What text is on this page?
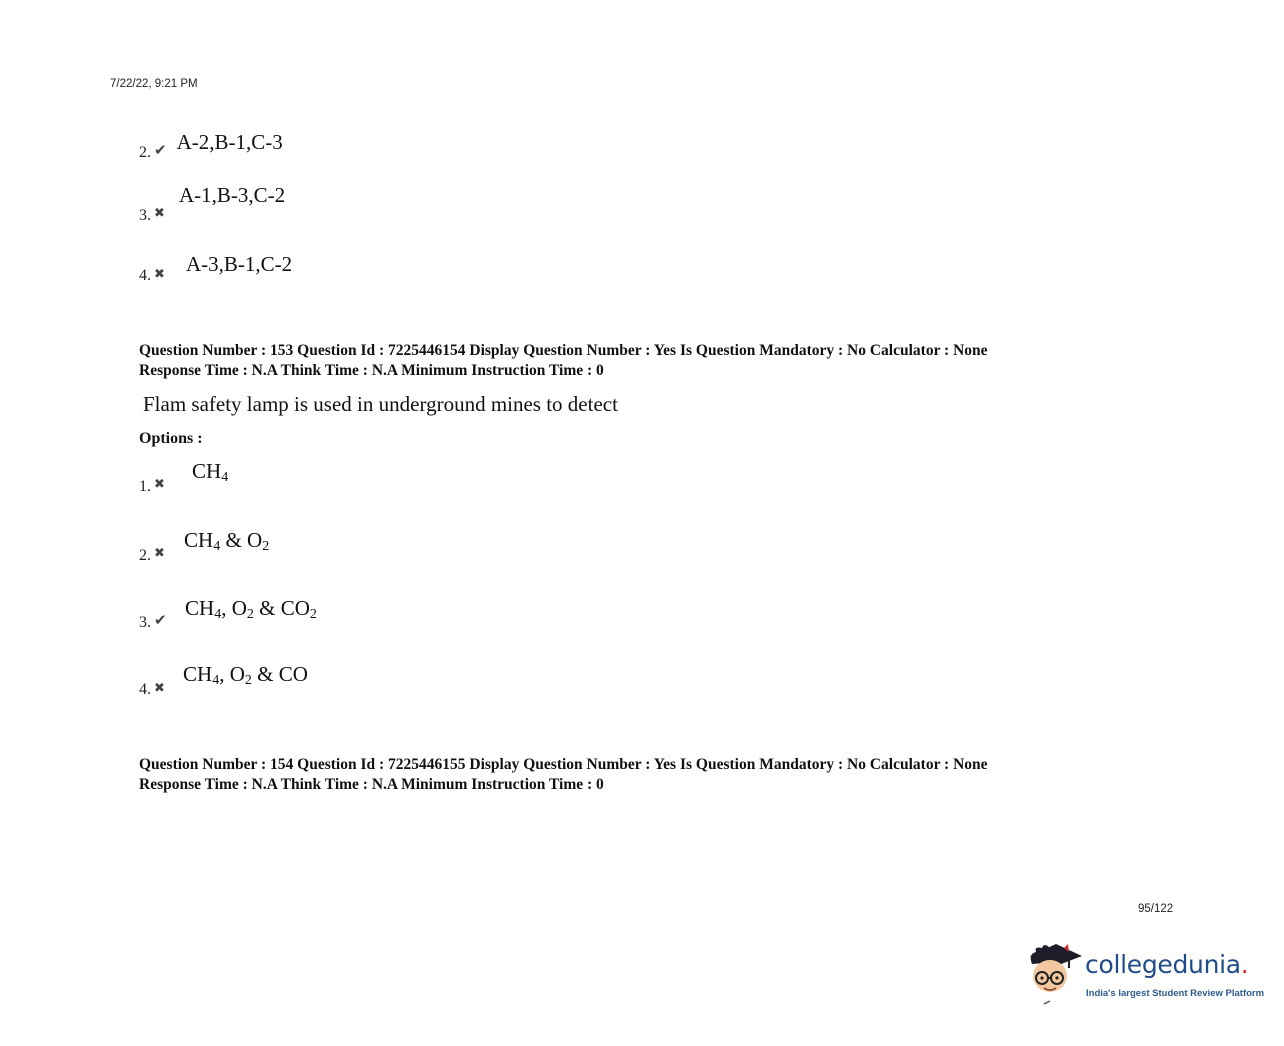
7/22/22, 9:21 PM
2. ✔ A-2,B-1,C-3
3. ✖
A-1,B-3,C-2
4. ✖ A-3,B-1,C-2
Question Number : 153 Question Id : 7225446154 Display Question Number : Yes Is Question Mandatory : No Calculator : None
Response Time : N.A Think Time : N.A Minimum Instruction Time : 0
Flam safety lamp is used in underground mines to detect
Options :
1. ✖
$CH_4$
2. ✖
$CH_4$ & $O_2$
3. ✔
$CH_4$, $O_2$ & $CO_2$
4. ✖
$CH_4$, $O_2$ & CO
Question Number : 154 Question Id : 7225446155 Display Question Number : Yes Is Question Mandatory : No Calculator : None
Response Time : N.A Think Time : N.A Minimum Instruction Time : 0
95/122
collegedunia.
India's largest Student Review Platform
